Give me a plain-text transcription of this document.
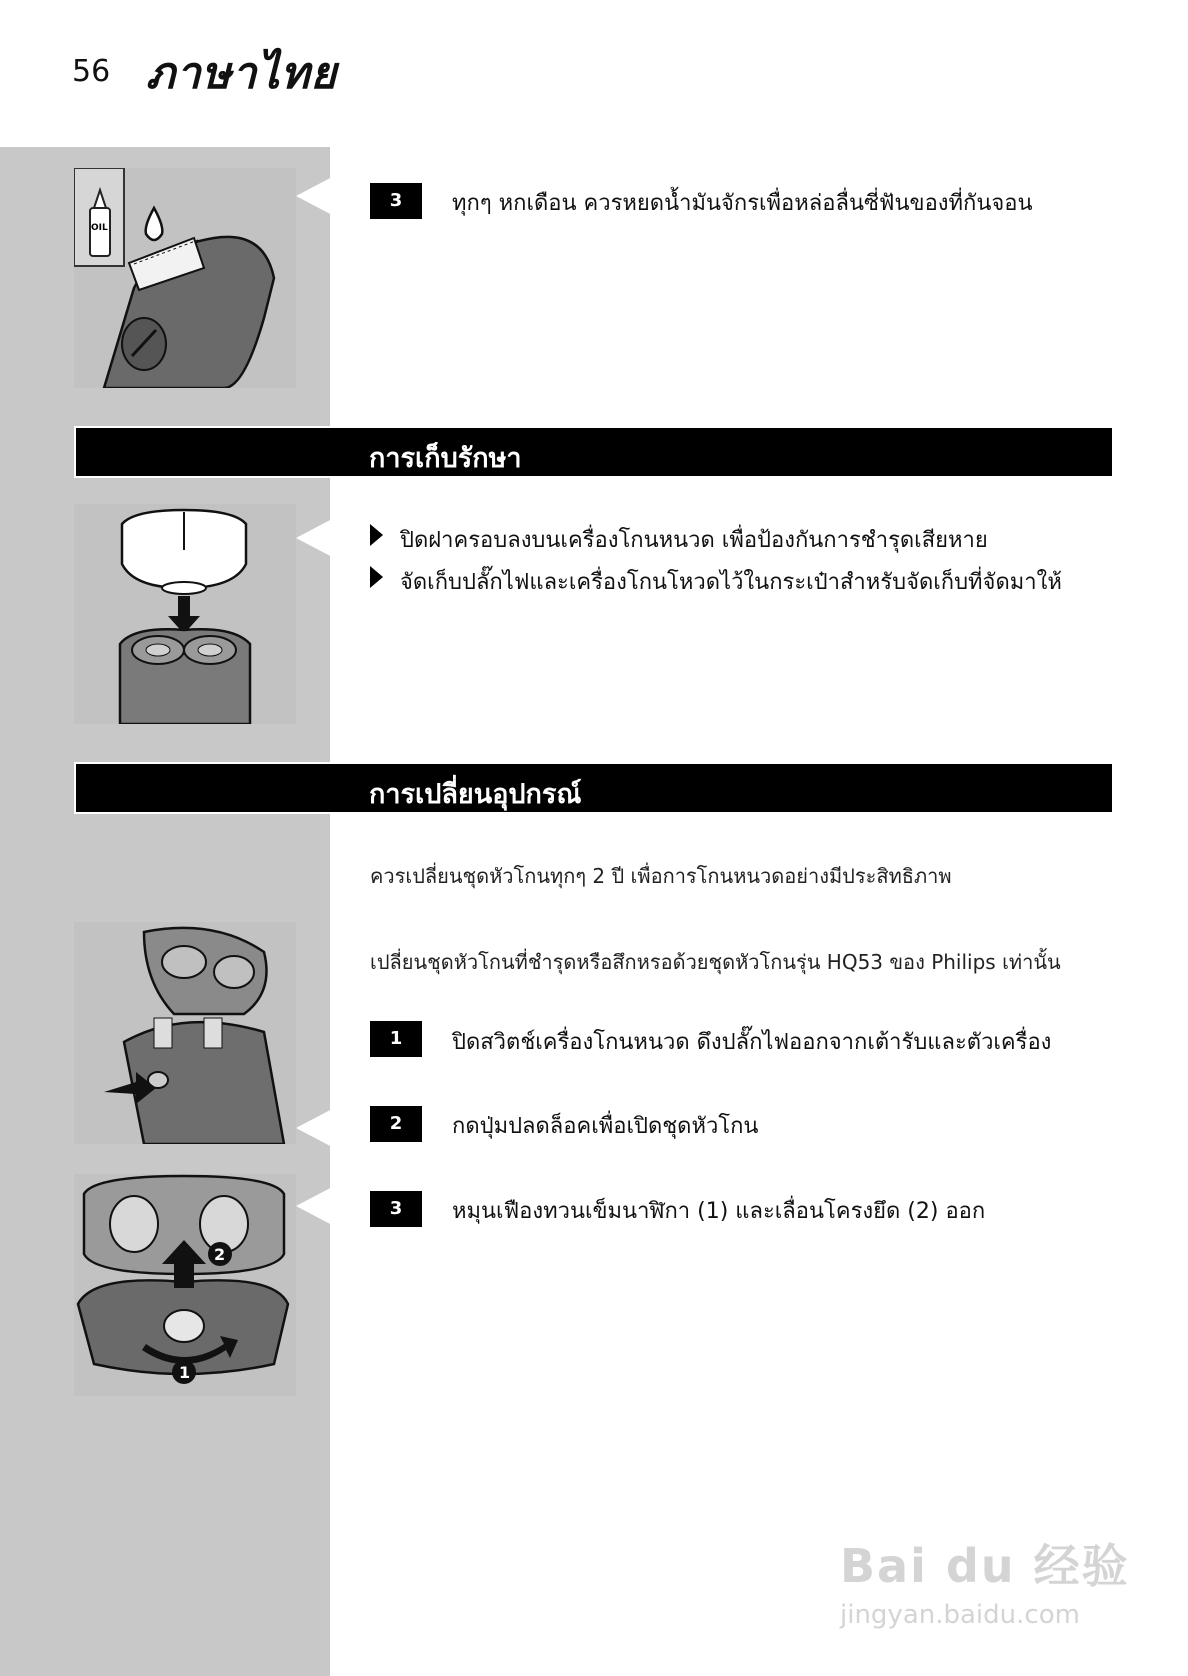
56 ภาษาไทย
OIL
3	ทุกๆ หกเดือน ควรหยดน้ำมันจักรเพื่อหล่อลื่นซี่ฟันของที่กันจอน
การเก็บรักษา
ปิดฝาครอบลงบนเครื่องโกนหนวด เพื่อป้องกันการชำรุดเสียหาย
จัดเก็บปลั๊กไฟและเครื่องโกนโหวดไว้ในกระเป๋าสำหรับจัดเก็บที่จัดมาให้
การเปลี่ยนอุปกรณ์
ควรเปลี่ยนชุดหัวโกนทุกๆ 2 ปี เพื่อการโกนหนวดอย่างมีประสิทธิภาพ
เปลี่ยนชุดหัวโกนที่ชำรุดหรือสึกหรอด้วยชุดหัวโกนรุ่น HQ53 ของ Philips เท่านั้น
2
1
1	ปิดสวิตช์เครื่องโกนหนวด ดึงปลั๊กไฟออกจากเต้ารับและตัวเครื่อง
2	กดปุ่มปลดล็อคเพื่อเปิดชุดหัวโกน
3	หมุนเฟืองทวนเข็มนาฬิกา (1) และเลื่อนโครงยึด (2) ออก
Bai du 经验
jingyan.baidu.com
